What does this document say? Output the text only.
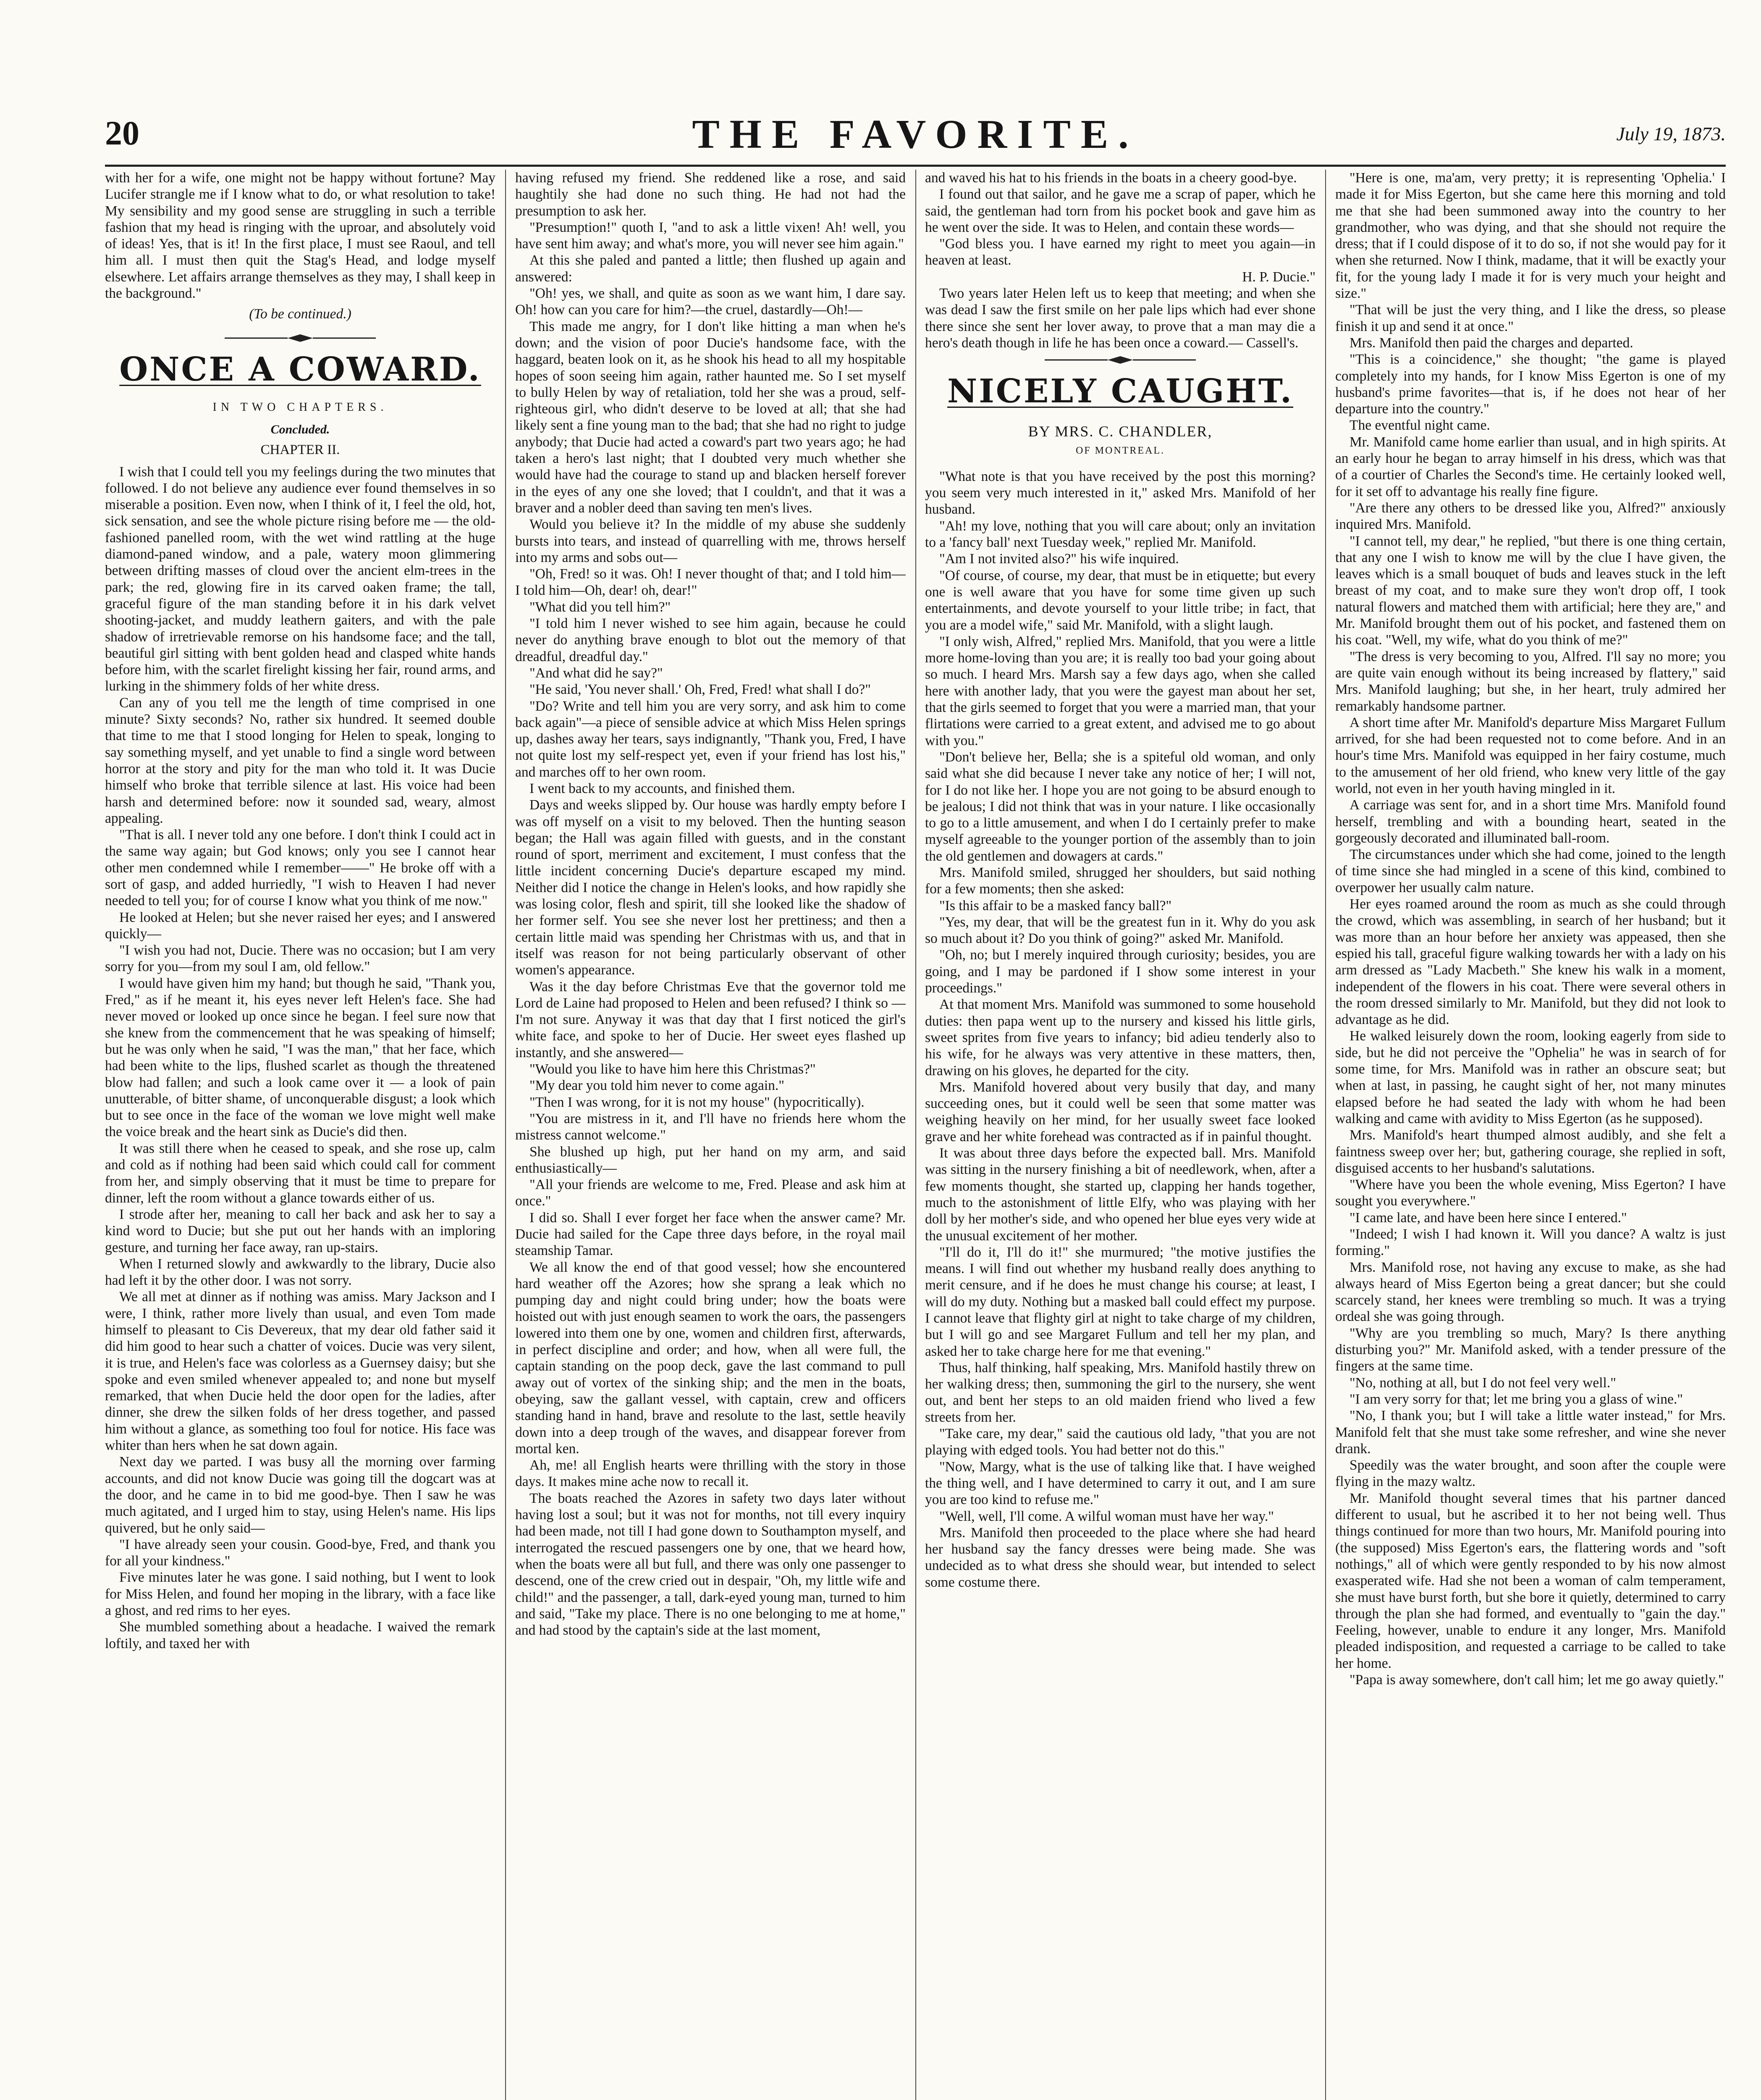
20	THE FAVORITE.	July 19, 1873.

with her for a wife, one might not be happy without fortune? May Lucifer strangle me if I know what to do, or what resolution to take! My sensibility and my good sense are struggling in such a terrible fashion that my head is ringing with the uproar, and absolutely void of ideas! Yes, that is it! In the first place, I must see Raoul, and tell him all. I must then quit the Stag's Head, and lodge myself elsewhere. Let affairs arrange themselves as they may, I shall keep in the background."

(To be continued.)
ONCE A COWARD.
IN TWO CHAPTERS.
Concluded.
CHAPTER II.

I wish that I could tell you my feelings during the two minutes that followed. I do not believe any audience ever found themselves in so miserable a position. Even now, when I think of it, I feel the old, hot, sick sensation, and see the whole picture rising before me — the old-fashioned panelled room, with the wet wind rattling at the huge diamond-paned window, and a pale, watery moon glimmering between drifting masses of cloud over the ancient elm-trees in the park; the red, glowing fire in its carved oaken frame; the tall, graceful figure of the man standing before it in his dark velvet shooting-jacket, and muddy leathern gaiters, and with the pale shadow of irretrievable remorse on his handsome face; and the tall, beautiful girl sitting with bent golden head and clasped white hands before him, with the scarlet firelight kissing her fair, round arms, and lurking in the shimmery folds of her white dress.

Can any of you tell me the length of time comprised in one minute? Sixty seconds? No, rather six hundred. It seemed double that time to me that I stood longing for Helen to speak, longing to say something myself, and yet unable to find a single word between horror at the story and pity for the man who told it. It was Ducie himself who broke that terrible silence at last. His voice had been harsh and determined before: now it sounded sad, weary, almost appealing.

"That is all. I never told any one before. I don't think I could act in the same way again; but God knows; only you see I cannot hear other men condemned while I remember——" He broke off with a sort of gasp, and added hurriedly, "I wish to Heaven I had never needed to tell you; for of course I know what you think of me now."

He looked at Helen; but she never raised her eyes; and I answered quickly—

"I wish you had not, Ducie. There was no occasion; but I am very sorry for you—from my soul I am, old fellow."

I would have given him my hand; but though he said, "Thank you, Fred," as if he meant it, his eyes never left Helen's face. She had never moved or looked up once since he began. I feel sure now that she knew from the commencement that he was speaking of himself; but he was only when he said, "I was the man," that her face, which had been white to the lips, flushed scarlet as though the threatened blow had fallen; and such a look came over it — a look of pain unutterable, of bitter shame, of unconquerable disgust; a look which but to see once in the face of the woman we love might well make the voice break and the heart sink as Ducie's did then.

It was still there when he ceased to speak, and she rose up, calm and cold as if nothing had been said which could call for comment from her, and simply observing that it must be time to prepare for dinner, left the room without a glance towards either of us.

I strode after her, meaning to call her back and ask her to say a kind word to Ducie; but she put out her hands with an imploring gesture, and turning her face away, ran up-stairs.

When I returned slowly and awkwardly to the library, Ducie also had left it by the other door. I was not sorry.

We all met at dinner as if nothing was amiss. Mary Jackson and I were, I think, rather more lively than usual, and even Tom made himself to pleasant to Cis Devereux, that my dear old father said it did him good to hear such a chatter of voices. Ducie was very silent, it is true, and Helen's face was colorless as a Guernsey daisy; but she spoke and even smiled whenever appealed to; and none but myself remarked, that when Ducie held the door open for the ladies, after dinner, she drew the silken folds of her dress together, and passed him without a glance, as something too foul for notice. His face was whiter than hers when he sat down again.

Next day we parted. I was busy all the morning over farming accounts, and did not know Ducie was going till the dogcart was at the door, and he came in to bid me good-bye. Then I saw he was much agitated, and I urged him to stay, using Helen's name. His lips quivered, but he only said—

"I have already seen your cousin. Good-bye, Fred, and thank you for all your kindness."

Five minutes later he was gone. I said nothing, but I went to look for Miss Helen, and found her moping in the library, with a face like a ghost, and red rims to her eyes.

She mumbled something about a headache. I waived the remark loftily, and taxed her with

having refused my friend. She reddened like a rose, and said haughtily she had done no such thing. He had not had the presumption to ask her.

"Presumption!" quoth I, "and to ask a little vixen! Ah! well, you have sent him away; and what's more, you will never see him again."

At this she paled and panted a little; then flushed up again and answered:

"Oh! yes, we shall, and quite as soon as we want him, I dare say. Oh! how can you care for him?—the cruel, dastardly—Oh!—

This made me angry, for I don't like hitting a man when he's down; and the vision of poor Ducie's handsome face, with the haggard, beaten look on it, as he shook his head to all my hospitable hopes of soon seeing him again, rather haunted me. So I set myself to bully Helen by way of retaliation, told her she was a proud, self-righteous girl, who didn't deserve to be loved at all; that she had likely sent a fine young man to the bad; that she had no right to judge anybody; that Ducie had acted a coward's part two years ago; he had taken a hero's last night; that I doubted very much whether she would have had the courage to stand up and blacken herself forever in the eyes of any one she loved; that I couldn't, and that it was a braver and a nobler deed than saving ten men's lives.

Would you believe it? In the middle of my abuse she suddenly bursts into tears, and instead of quarrelling with me, throws herself into my arms and sobs out—

"Oh, Fred! so it was. Oh! I never thought of that; and I told him—I told him—Oh, dear! oh, dear!"

"What did you tell him?"

"I told him I never wished to see him again, because he could never do anything brave enough to blot out the memory of that dreadful, dreadful day."

"And what did he say?"

"He said, 'You never shall.' Oh, Fred, Fred! what shall I do?"

"Do? Write and tell him you are very sorry, and ask him to come back again"—a piece of sensible advice at which Miss Helen springs up, dashes away her tears, says indignantly, "Thank you, Fred, I have not quite lost my self-respect yet, even if your friend has lost his," and marches off to her own room.

I went back to my accounts, and finished them.

Days and weeks slipped by. Our house was hardly empty before I was off myself on a visit to my beloved. Then the hunting season began; the Hall was again filled with guests, and in the constant round of sport, merriment and excitement, I must confess that the little incident concerning Ducie's departure escaped my mind. Neither did I notice the change in Helen's looks, and how rapidly she was losing color, flesh and spirit, till she looked like the shadow of her former self. You see she never lost her prettiness; and then a certain little maid was spending her Christmas with us, and that in itself was reason for not being particularly observant of other women's appearance.

Was it the day before Christmas Eve that the governor told me Lord de Laine had proposed to Helen and been refused? I think so — I'm not sure. Anyway it was that day that I first noticed the girl's white face, and spoke to her of Ducie. Her sweet eyes flashed up instantly, and she answered—

"Would you like to have him here this Christmas?"

"My dear you told him never to come again."

"Then I was wrong, for it is not my house" (hypocritically).

"You are mistress in it, and I'll have no friends here whom the mistress cannot welcome."

She blushed up high, put her hand on my arm, and said enthusiastically—

"All your friends are welcome to me, Fred. Please and ask him at once."

I did so. Shall I ever forget her face when the answer came? Mr. Ducie had sailed for the Cape three days before, in the royal mail steamship Tamar.

We all know the end of that good vessel; how she encountered hard weather off the Azores; how she sprang a leak which no pumping day and night could bring under; how the boats were hoisted out with just enough seamen to work the oars, the passengers lowered into them one by one, women and children first, afterwards, in perfect discipline and order; and how, when all were full, the captain standing on the poop deck, gave the last command to pull away out of vortex of the sinking ship; and the men in the boats, obeying, saw the gallant vessel, with captain, crew and officers standing hand in hand, brave and resolute to the last, settle heavily down into a deep trough of the waves, and disappear forever from mortal ken.

Ah, me! all English hearts were thrilling with the story in those days. It makes mine ache now to recall it.

The boats reached the Azores in safety two days later without having lost a soul; but it was not for months, not till every inquiry had been made, not till I had gone down to Southampton myself, and interrogated the rescued passengers one by one, that we heard how, when the boats were all but full, and there was only one passenger to descend, one of the crew cried out in despair, "Oh, my little wife and child!" and the passenger, a tall, dark-eyed young man, turned to him and said, "Take my place. There is no one belonging to me at home," and had stood by the captain's side at the last moment,

and waved his hat to his friends in the boats in a cheery good-bye.

I found out that sailor, and he gave me a scrap of paper, which he said, the gentleman had torn from his pocket book and gave him as he went over the side. It was to Helen, and contain these words—

"God bless you. I have earned my right to meet you again—in heaven at least.

H. P. Ducie."

Two years later Helen left us to keep that meeting; and when she was dead I saw the first smile on her pale lips which had ever shone there since she sent her lover away, to prove that a man may die a hero's death though in life he has been once a coward.— Cassell's.

NICELY CAUGHT.
BY MRS. C. CHANDLER,
OF MONTREAL.

"What note is that you have received by the post this morning? you seem very much interested in it," asked Mrs. Manifold of her husband.

"Ah! my love, nothing that you will care about; only an invitation to a 'fancy ball' next Tuesday week," replied Mr. Manifold.

"Am I not invited also?" his wife inquired.

"Of course, of course, my dear, that must be in etiquette; but every one is well aware that you have for some time given up such entertainments, and devote yourself to your little tribe; in fact, that you are a model wife," said Mr. Manifold, with a slight laugh.

"I only wish, Alfred," replied Mrs. Manifold, that you were a little more home-loving than you are; it is really too bad your going about so much. I heard Mrs. Marsh say a few days ago, when she called here with another lady, that you were the gayest man about her set, that the girls seemed to forget that you were a married man, that your flirtations were carried to a great extent, and advised me to go about with you."

"Don't believe her, Bella; she is a spiteful old woman, and only said what she did because I never take any notice of her; I will not, for I do not like her. I hope you are not going to be absurd enough to be jealous; I did not think that was in your nature. I like occasionally to go to a little amusement, and when I do I certainly prefer to make myself agreeable to the younger portion of the assembly than to join the old gentlemen and dowagers at cards."

Mrs. Manifold smiled, shrugged her shoulders, but said nothing for a few moments; then she asked:

"Is this affair to be a masked fancy ball?"

"Yes, my dear, that will be the greatest fun in it. Why do you ask so much about it? Do you think of going?" asked Mr. Manifold.

"Oh, no; but I merely inquired through curiosity; besides, you are going, and I may be pardoned if I show some interest in your proceedings."

At that moment Mrs. Manifold was summoned to some household duties: then papa went up to the nursery and kissed his little girls, sweet sprites from five years to infancy; bid adieu tenderly also to his wife, for he always was very attentive in these matters, then, drawing on his gloves, he departed for the city.

Mrs. Manifold hovered about very busily that day, and many succeeding ones, but it could well be seen that some matter was weighing heavily on her mind, for her usually sweet face looked grave and her white forehead was contracted as if in painful thought.

It was about three days before the expected ball. Mrs. Manifold was sitting in the nursery finishing a bit of needlework, when, after a few moments thought, she started up, clapping her hands together, much to the astonishment of little Elfy, who was playing with her doll by her mother's side, and who opened her blue eyes very wide at the unusual excitement of her mother.

"I'll do it, I'll do it!" she murmured; "the motive justifies the means. I will find out whether my husband really does anything to merit censure, and if he does he must change his course; at least, I will do my duty. Nothing but a masked ball could effect my purpose. I cannot leave that flighty girl at night to take charge of my children, but I will go and see Margaret Fullum and tell her my plan, and asked her to take charge here for me that evening."

Thus, half thinking, half speaking, Mrs. Manifold hastily threw on her walking dress; then, summoning the girl to the nursery, she went out, and bent her steps to an old maiden friend who lived a few streets from her.

"Take care, my dear," said the cautious old lady, "that you are not playing with edged tools. You had better not do this."

"Now, Margy, what is the use of talking like that. I have weighed the thing well, and I have determined to carry it out, and I am sure you are too kind to refuse me."

"Well, well, I'll come. A wilful woman must have her way."

Mrs. Manifold then proceeded to the place where she had heard her husband say the fancy dresses were being made. She was undecided as to what dress she should wear, but intended to select some costume there.

"Here is one, ma'am, very pretty; it is representing 'Ophelia.' I made it for Miss Egerton, but she came here this morning and told me that she had been summoned away into the country to her grandmother, who was dying, and that she should not require the dress; that if I could dispose of it to do so, if not she would pay for it when she returned. Now I think, madame, that it will be exactly your fit, for the young lady I made it for is very much your height and size."

"That will be just the very thing, and I like the dress, so please finish it up and send it at once."

Mrs. Manifold then paid the charges and departed.

"This is a coincidence," she thought; "the game is played completely into my hands, for I know Miss Egerton is one of my husband's prime favorites—that is, if he does not hear of her departure into the country."

The eventful night came.

Mr. Manifold came home earlier than usual, and in high spirits. At an early hour he began to array himself in his dress, which was that of a courtier of Charles the Second's time. He certainly looked well, for it set off to advantage his really fine figure.

"Are there any others to be dressed like you, Alfred?" anxiously inquired Mrs. Manifold.

"I cannot tell, my dear," he replied, "but there is one thing certain, that any one I wish to know me will by the clue I have given, the leaves which is a small bouquet of buds and leaves stuck in the left breast of my coat, and to make sure they won't drop off, I took natural flowers and matched them with artificial; here they are," and Mr. Manifold brought them out of his pocket, and fastened them on his coat. "Well, my wife, what do you think of me?"

"The dress is very becoming to you, Alfred. I'll say no more; you are quite vain enough without its being increased by flattery," said Mrs. Manifold laughing; but she, in her heart, truly admired her remarkably handsome partner.

A short time after Mr. Manifold's departure Miss Margaret Fullum arrived, for she had been requested not to come before. And in an hour's time Mrs. Manifold was equipped in her fairy costume, much to the amusement of her old friend, who knew very little of the gay world, not even in her youth having mingled in it.

A carriage was sent for, and in a short time Mrs. Manifold found herself, trembling and with a bounding heart, seated in the gorgeously decorated and illuminated ball-room.

The circumstances under which she had come, joined to the length of time since she had mingled in a scene of this kind, combined to overpower her usually calm nature.

Her eyes roamed around the room as much as she could through the crowd, which was assembling, in search of her husband; but it was more than an hour before her anxiety was appeased, then she espied his tall, graceful figure walking towards her with a lady on his arm dressed as "Lady Macbeth." She knew his walk in a moment, independent of the flowers in his coat. There were several others in the room dressed similarly to Mr. Manifold, but they did not look to advantage as he did.

He walked leisurely down the room, looking eagerly from side to side, but he did not perceive the "Ophelia" he was in search of for some time, for Mrs. Manifold was in rather an obscure seat; but when at last, in passing, he caught sight of her, not many minutes elapsed before he had seated the lady with whom he had been walking and came with avidity to Miss Egerton (as he supposed).

Mrs. Manifold's heart thumped almost audibly, and she felt a faintness sweep over her; but, gathering courage, she replied in soft, disguised accents to her husband's salutations.

"Where have you been the whole evening, Miss Egerton? I have sought you everywhere."

"I came late, and have been here since I entered."

"Indeed; I wish I had known it. Will you dance? A waltz is just forming."

Mrs. Manifold rose, not having any excuse to make, as she had always heard of Miss Egerton being a great dancer; but she could scarcely stand, her knees were trembling so much. It was a trying ordeal she was going through.

"Why are you trembling so much, Mary? Is there anything disturbing you?" Mr. Manifold asked, with a tender pressure of the fingers at the same time.

"No, nothing at all, but I do not feel very well."

"I am very sorry for that; let me bring you a glass of wine."

"No, I thank you; but I will take a little water instead," for Mrs. Manifold felt that she must take some refresher, and wine she never drank.

Speedily was the water brought, and soon after the couple were flying in the mazy waltz.

Mr. Manifold thought several times that his partner danced different to usual, but he ascribed it to her not being well. Thus things continued for more than two hours, Mr. Manifold pouring into (the supposed) Miss Egerton's ears, the flattering words and "soft nothings," all of which were gently responded to by his now almost exasperated wife. Had she not been a woman of calm temperament, she must have burst forth, but she bore it quietly, determined to carry through the plan she had formed, and eventually to "gain the day." Feeling, however, unable to endure it any longer, Mrs. Manifold pleaded indisposition, and requested a carriage to be called to take her home.

"Papa is away somewhere, don't call him; let me go away quietly."
